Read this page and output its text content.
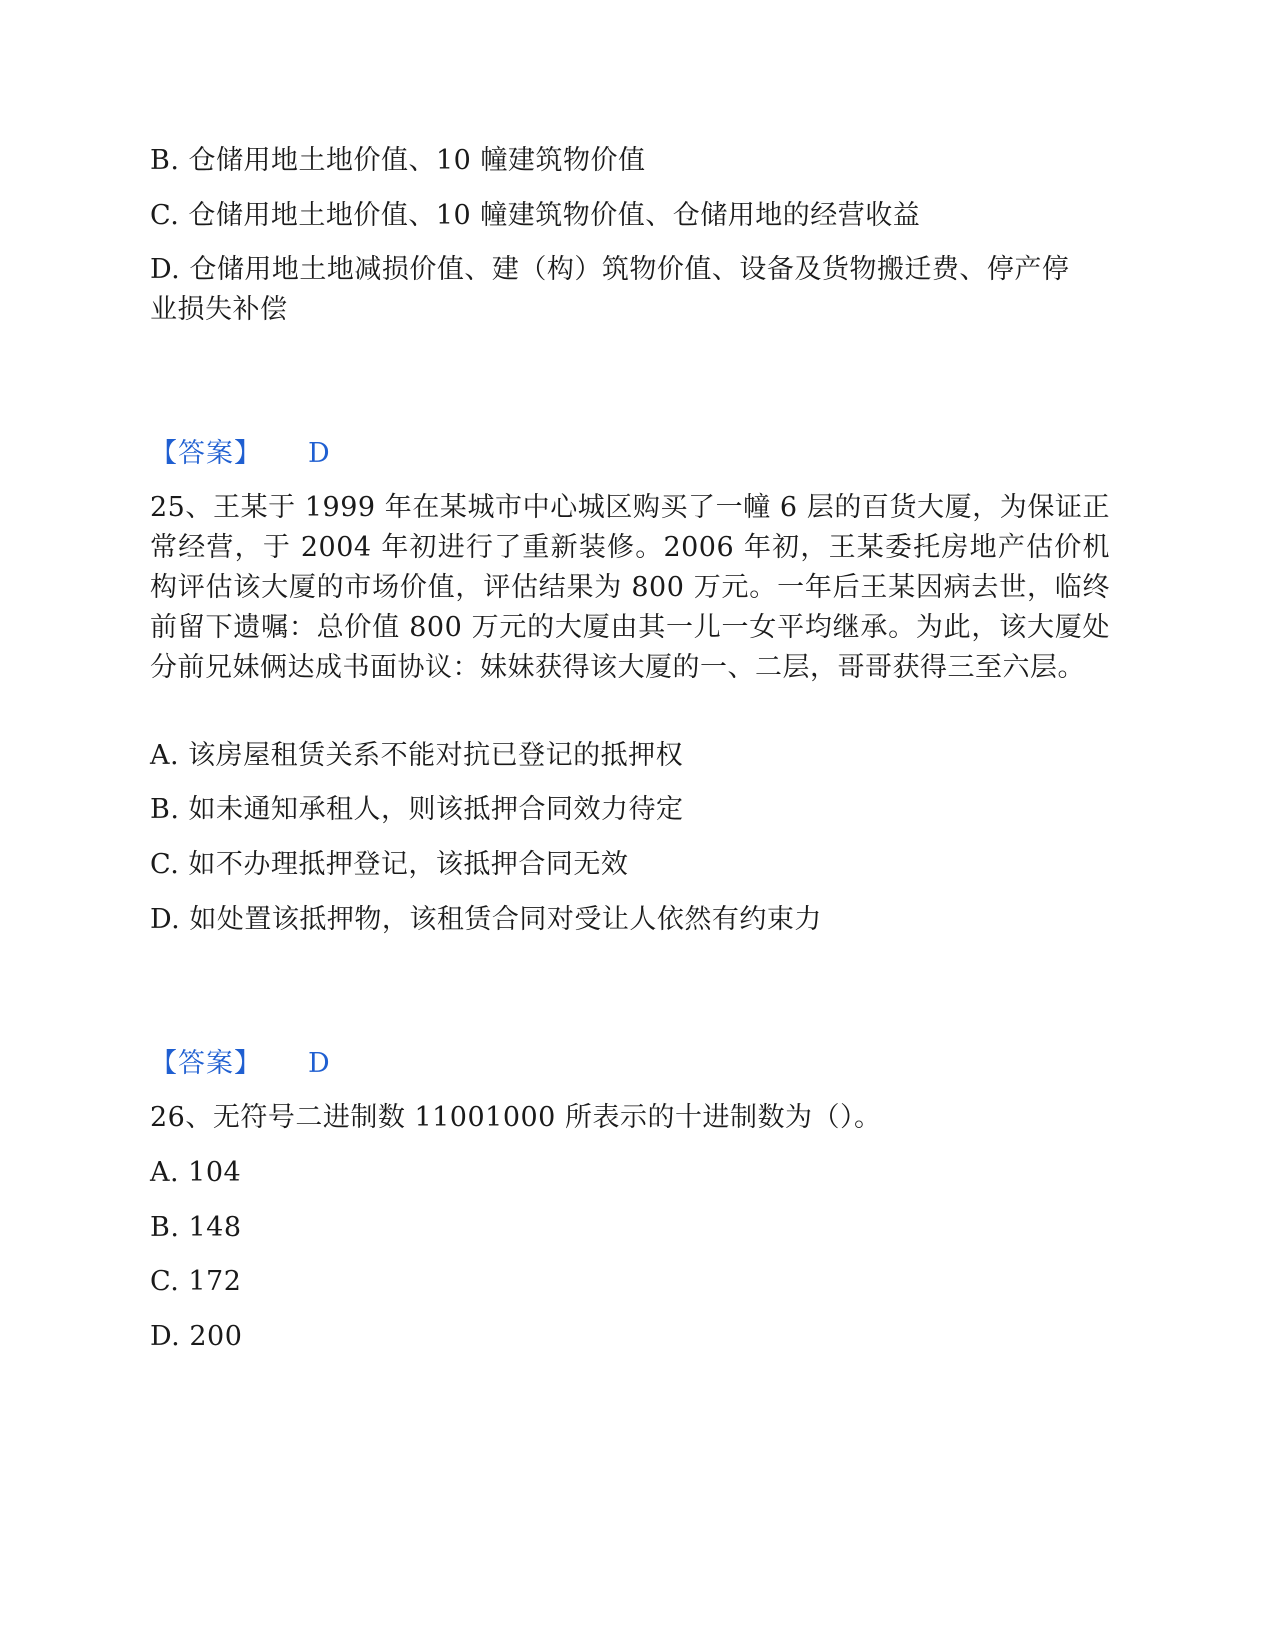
B. 仓储用地土地价值、10 幢建筑物价值
C. 仓储用地土地价值、10 幢建筑物价值、仓储用地的经营收益
D. 仓储用地土地减损价值、建（构）筑物价值、设备及货物搬迁费、停产停
业损失补偿
【答案】 D
25、王某于 1999 年在某城市中心城区购买了一幢 6 层的百货大厦，为保证正常经营，于 2004 年初进行了重新装修。2006 年初，王某委托房地产估价机构评估该大厦的市场价值，评估结果为 800 万元。一年后王某因病去世，临终前留下遗嘱：总价值 800 万元的大厦由其一儿一女平均继承。为此，该大厦处分前兄妹俩达成书面协议：妹妹获得该大厦的一、二层，哥哥获得三至六层。
A. 该房屋租赁关系不能对抗已登记的抵押权
B. 如未通知承租人，则该抵押合同效力待定
C. 如不办理抵押登记，该抵押合同无效
D. 如处置该抵押物，该租赁合同对受让人依然有约束力
【答案】 D
26、无符号二进制数 11001000 所表示的十进制数为（）。
A. 104
B. 148
C. 172
D. 200
